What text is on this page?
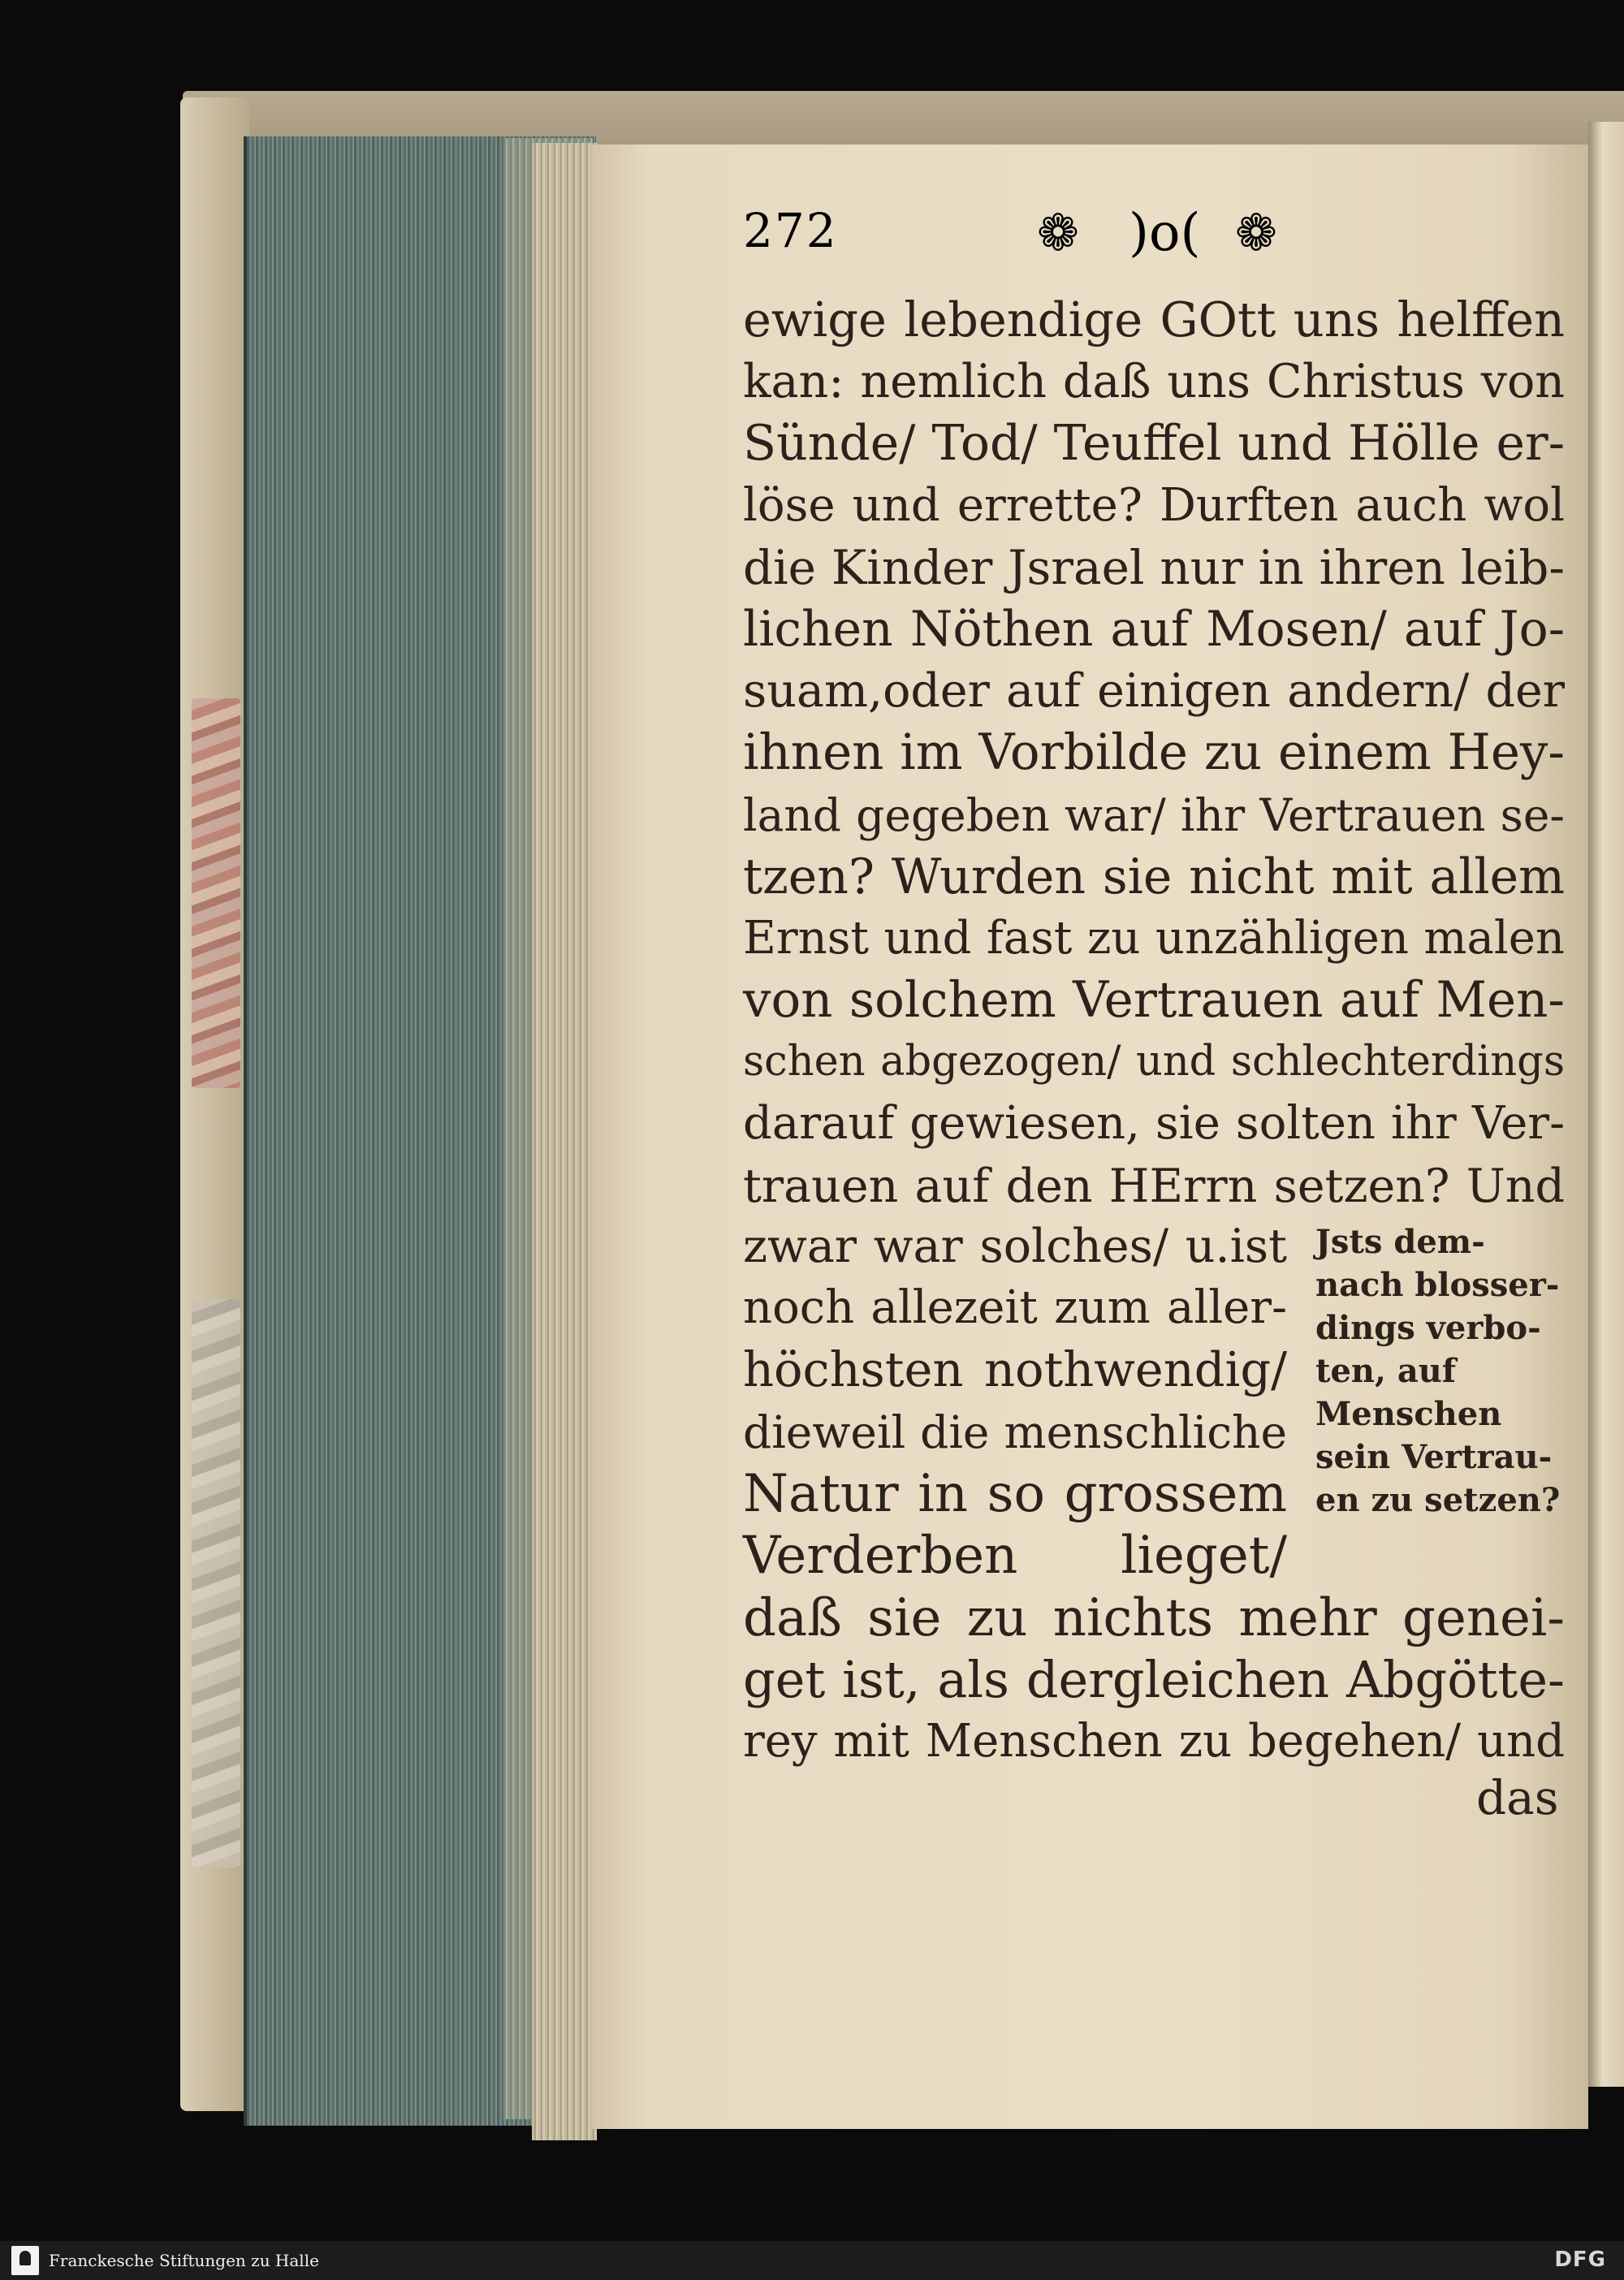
272	❁ )o( ❁
ewige lebendige GOtt uns helffen
kan: nemlich daß uns Christus von
Sünde/ Tod/ Teuffel und Hölle er-
löse und errette? Durften auch wol
die Kinder Jsrael nur in ihren leib-
lichen Nöthen auf Mosen/ auf Jo-
suam,oder auf einigen andern/ der
ihnen im Vorbilde zu einem Hey-
land gegeben war/ ihr Vertrauen se-
tzen? Wurden sie nicht mit allem
Ernst und fast zu unzähligen malen
von solchem Vertrauen auf Men-
schen abgezogen/ und schlechterdings
darauf gewiesen, sie solten ihr Ver-
trauen auf den HErrn setzen? Und
zwar war solches/ u.ist
noch allezeit zum aller-
höchsten nothwendig/
dieweil die menschliche
Natur in so grossem
Verderben lieget/
Jsts dem-
nach blosser-
dings verbo-
ten, auf
Menschen
sein Vertrau-
en zu setzen?
daß sie zu nichts mehr genei-
get ist, als dergleichen Abgötte-
rey mit Menschen zu begehen/ und
das
Franckesche Stiftungen zu Halle	DFG
